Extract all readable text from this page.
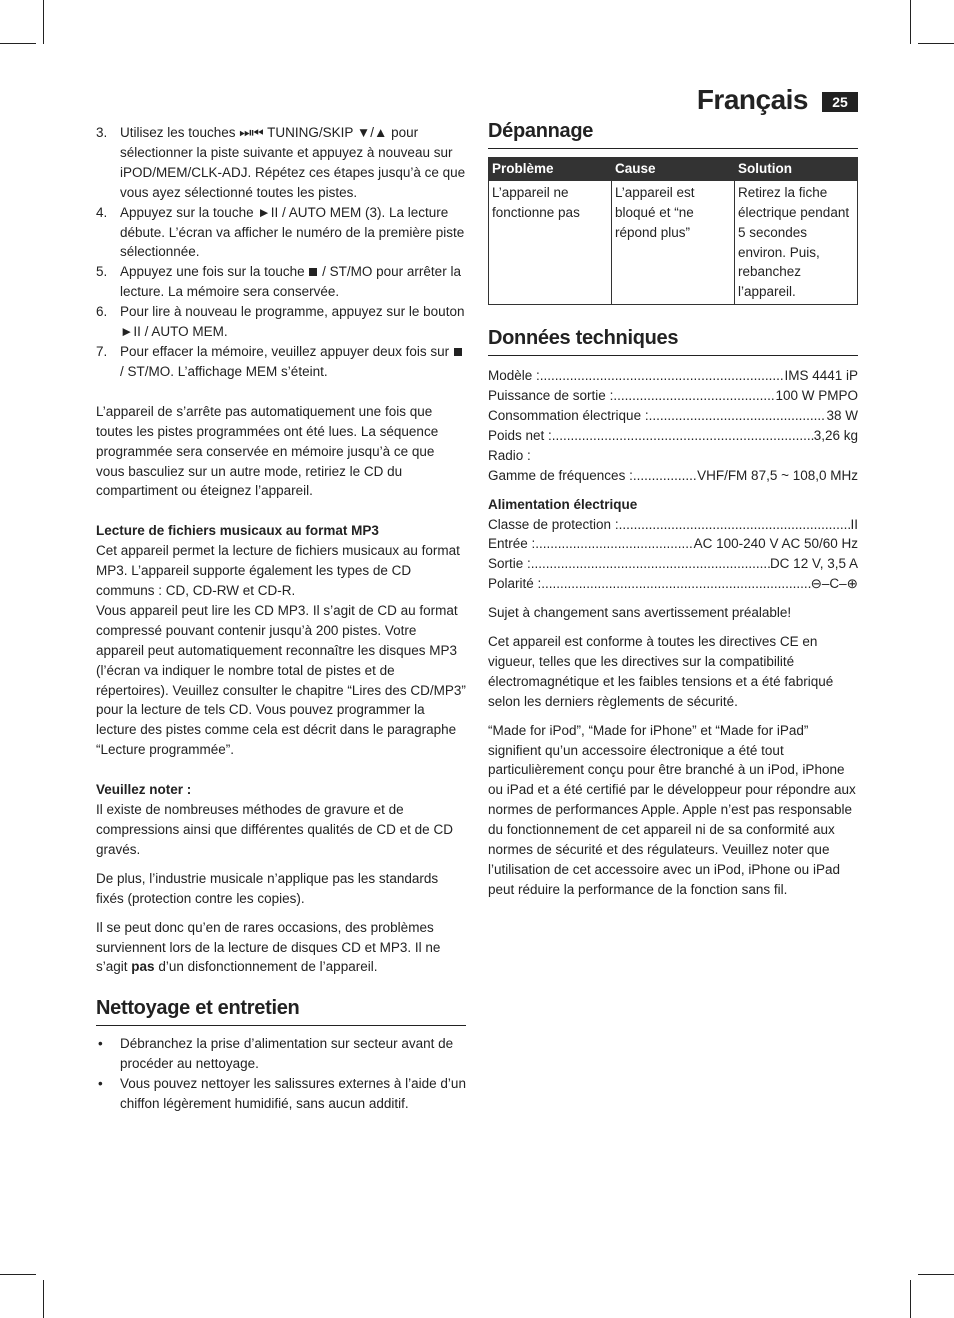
Français	25
3. Utilisez les touches ⏭⏮ TUNING/SKIP ▼/▲ pour sélectionner la piste suivante et appuyez à nouveau sur iPOD/MEM/CLK-ADJ. Répétez ces étapes jusqu’à ce que vous ayez sélectionné toutes les pistes.
4. Appuyez sur la touche ►II / AUTO MEM (3). La lecture débute. L’écran va afficher le numéro de la première piste sélectionnée.
5. Appuyez une fois sur la touche / ST/MO pour arrêter la lecture. La mémoire sera conservée.
6. Pour lire à nouveau le programme, appuyez sur le bouton ►II / AUTO MEM.
7. Pour effacer la mémoire, veuillez appuyer deux fois sur  / ST/MO. L’affichage MEM s’éteint.

L’appareil de s’arrête pas automatiquement une fois que toutes les pistes programmées ont été lues. La séquence programmée sera conservée en mémoire jusqu’à ce que vous basculiez sur un autre mode, retiriez le CD du compartiment ou éteignez l’appareil.

Lecture de fichiers musicaux au format MP3

Cet appareil permet la lecture de fichiers musicaux au format MP3. L’appareil supporte également les types de CD communs : CD, CD-RW et CD-R.

Vous appareil peut lire les CD MP3. Il s’agit de CD au format compressé pouvant contenir jusqu’à 200 pistes. Votre appareil peut automatiquement reconnaître les disques MP3 (l’écran va indiquer le nombre total de pistes et de répertoires). Veuillez consulter le chapitre “Lires des CD/MP3” pour la lecture de tels CD. Vous pouvez programmer la lecture des pistes comme cela est décrit dans le paragraphe “Lecture programmée”.

Veuillez noter :

Il existe de nombreuses méthodes de gravure et de compressions ainsi que différentes qualités de CD et de CD gravés.

De plus, l’industrie musicale n’applique pas les standards fixés (protection contre les copies).

Il se peut donc qu’en de rares occasions, des problèmes surviennent lors de la lecture de disques CD et MP3. Il ne s’agit pas d’un disfonctionnement de l’appareil.

Nettoyage et entretien
• Débranchez la prise d’alimentation sur secteur avant de procéder au nettoyage.
• Vous pouvez nettoyer les salissures externes à l’aide d’un chiffon légèrement humidifié, sans aucun additif.
Dépannage
Problème	Cause	Solution
L’appareil ne fonctionne pas	L’appareil est bloqué et “ne répond plus”	Retirez la fiche électrique pendant 5 secondes environ. Puis, rebanchez l’appareil.
Données techniques
Modèle : .....	IMS 4441 iP
Puissance de sortie : .....	100 W PMPO
Consommation électrique : .....	38 W
Poids net : .....	3,26 kg

Radio :

Gamme de fréquences : .....	VHF/FM 87,5 ~ 108,0 MHz

Alimentation électrique

Classe de protection : .....	II
Entrée : .....	AC 100-240 V AC 50/60 Hz
Sortie : .....	DC 12 V, 3,5 A
Polarité : .....	⊖–C–⊕

Sujet à changement sans avertissement préalable!

Cet appareil est conforme à toutes les directives CE en vigueur, telles que les directives sur la compatibilité électromagnétique et les faibles tensions et a été fabriqué selon les derniers règlements de sécurité.

“Made for iPod”, “Made for iPhone” et “Made for iPad” signifient qu’un accessoire électronique a été tout particulièrement conçu pour être branché à un iPod, iPhone ou iPad et a été certifié par le développeur pour répondre aux normes de performances Apple. Apple n’est pas responsable du fonctionnement de cet appareil ni de sa conformité aux normes de sécurité et des régulateurs. Veuillez noter que l’utilisation de cet accessoire avec un iPod, iPhone ou iPad peut réduire la performance de la fonction sans fil.
